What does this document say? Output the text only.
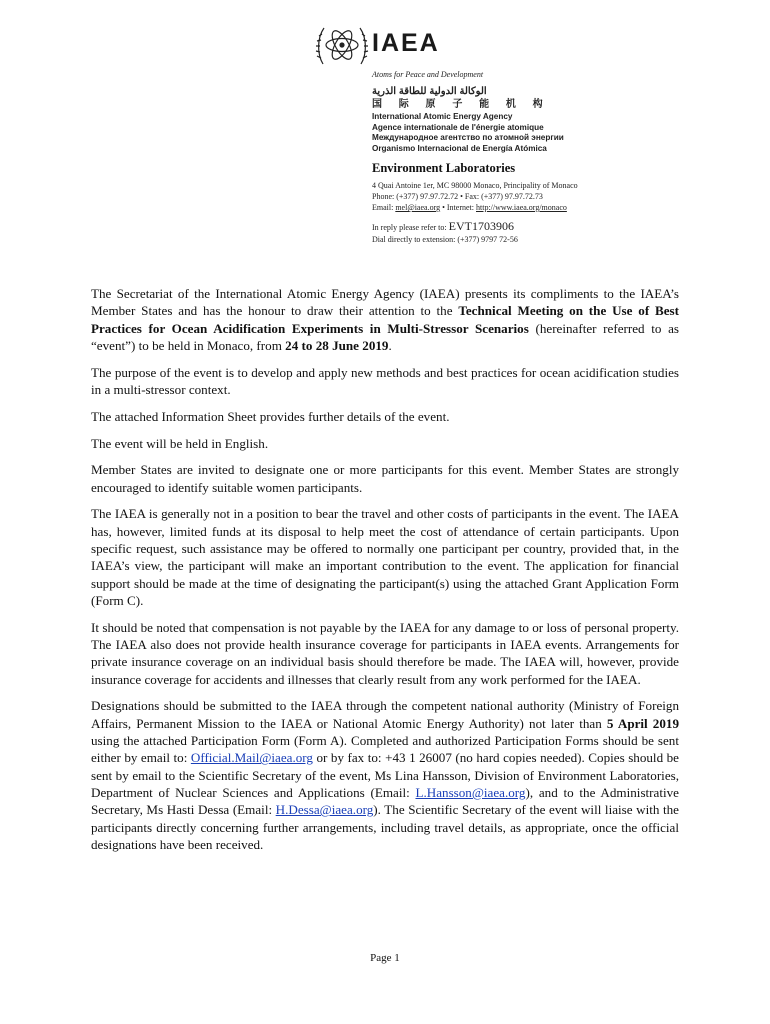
IAEA
Atoms for Peace and Development
الوكالة الدولية للطاقة الذرية
国 际 原 子 能 机 构
International Atomic Energy Agency
Agence internationale de l'énergie atomique
Международное агентство по атомной энергии
Organismo Internacional de Energía Atómica
Environment Laboratories
4 Quai Antoine 1er, MC 98000 Monaco, Principality of Monaco
Phone: (+377) 97.97.72.72 • Fax: (+377) 97.97.72.73
Email: mel@iaea.org • Internet: http://www.iaea.org/monaco
In reply please refer to: EVT1703906
Dial directly to extension: (+377) 9797 72-56

The Secretariat of the International Atomic Energy Agency (IAEA) presents its compliments to the IAEA’s Member States and has the honour to draw their attention to the Technical Meeting on the Use of Best Practices for Ocean Acidification Experiments in Multi-Stressor Scenarios (hereinafter referred to as “event”) to be held in Monaco, from 24 to 28 June 2019.

The purpose of the event is to develop and apply new methods and best practices for ocean acidification studies in a multi-stressor context.

The attached Information Sheet provides further details of the event.

The event will be held in English.

Member States are invited to designate one or more participants for this event. Member States are strongly encouraged to identify suitable women participants.

The IAEA is generally not in a position to bear the travel and other costs of participants in the event. The IAEA has, however, limited funds at its disposal to help meet the cost of attendance of certain participants. Upon specific request, such assistance may be offered to normally one participant per country, provided that, in the IAEA’s view, the participant will make an important contribution to the event. The application for financial support should be made at the time of designating the participant(s) using the attached Grant Application Form (Form C).

It should be noted that compensation is not payable by the IAEA for any damage to or loss of personal property. The IAEA also does not provide health insurance coverage for participants in IAEA events. Arrangements for private insurance coverage on an individual basis should therefore be made. The IAEA will, however, provide insurance coverage for accidents and illnesses that clearly result from any work performed for the IAEA.

Designations should be submitted to the IAEA through the competent national authority (Ministry of Foreign Affairs, Permanent Mission to the IAEA or National Atomic Energy Authority) not later than 5 April 2019 using the attached Participation Form (Form A). Completed and authorized Participation Forms should be sent either by email to: Official.Mail@iaea.org or by fax to: +43 1 26007 (no hard copies needed). Copies should be sent by email to the Scientific Secretary of the event, Ms Lina Hansson, Division of Environment Laboratories, Department of Nuclear Sciences and Applications (Email: L.Hansson@iaea.org), and to the Administrative Secretary, Ms Hasti Dessa (Email: H.Dessa@iaea.org). The Scientific Secretary of the event will liaise with the participants directly concerning further arrangements, including travel details, as appropriate, once the official designations have been received.

Page 1
